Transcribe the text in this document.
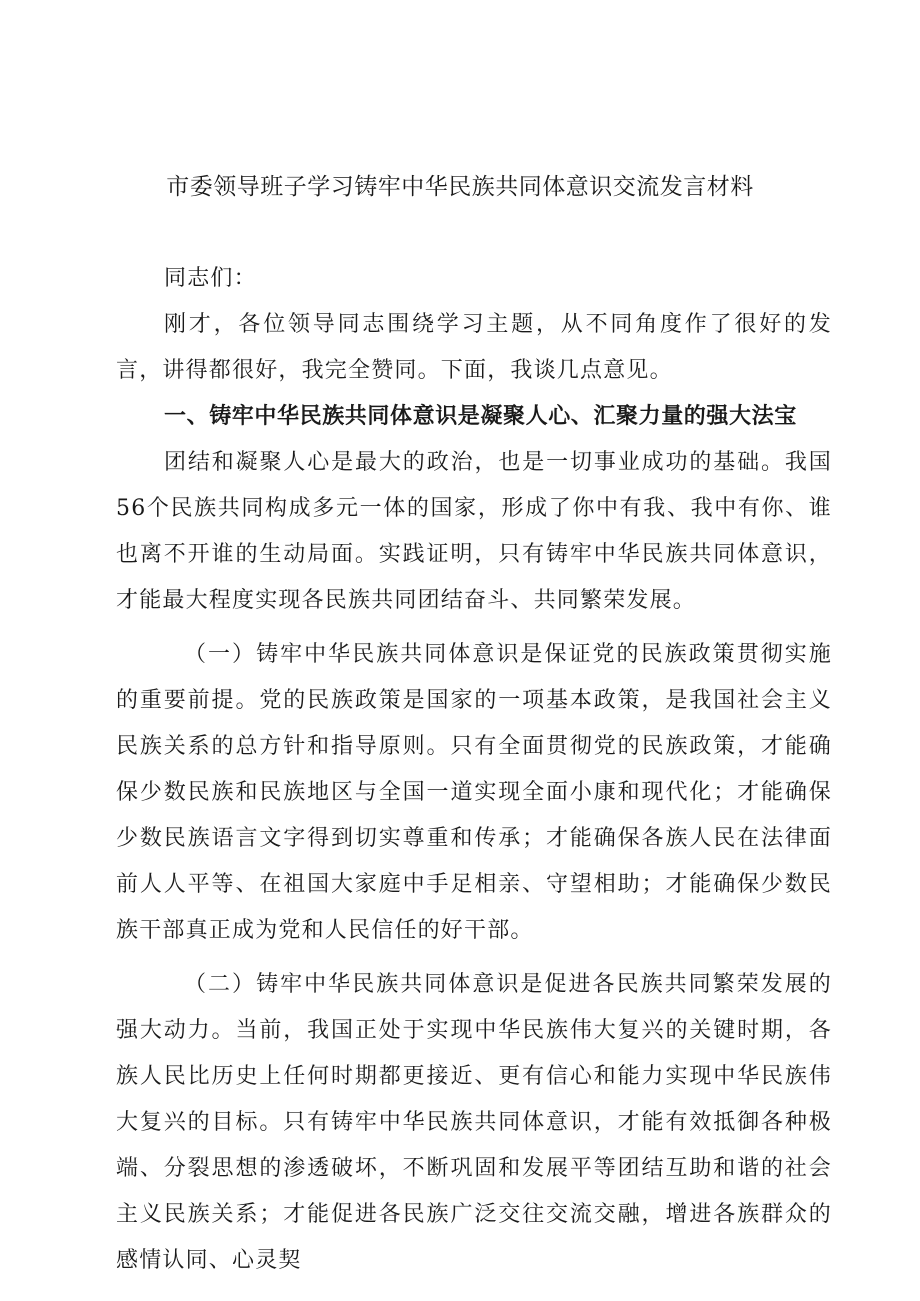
市委领导班子学习铸牢中华民族共同体意识交流发言材料

同志们：

刚才，各位领导同志围绕学习主题，从不同角度作了很好的发言，讲得都很好，我完全赞同。下面，我谈几点意见。

一、铸牢中华民族共同体意识是凝聚人心、汇聚力量的强大法宝

团结和凝聚人心是最大的政治，也是一切事业成功的基础。我国56个民族共同构成多元一体的国家，形成了你中有我、我中有你、谁也离不开谁的生动局面。实践证明，只有铸牢中华民族共同体意识，才能最大程度实现各民族共同团结奋斗、共同繁荣发展。

（一）铸牢中华民族共同体意识是保证党的民族政策贯彻实施的重要前提。党的民族政策是国家的一项基本政策，是我国社会主义民族关系的总方针和指导原则。只有全面贯彻党的民族政策，才能确保少数民族和民族地区与全国一道实现全面小康和现代化；才能确保少数民族语言文字得到切实尊重和传承；才能确保各族人民在法律面前人人平等、在祖国大家庭中手足相亲、守望相助；才能确保少数民族干部真正成为党和人民信任的好干部。

（二）铸牢中华民族共同体意识是促进各民族共同繁荣发展的强大动力。当前，我国正处于实现中华民族伟大复兴的关键时期，各族人民比历史上任何时期都更接近、更有信心和能力实现中华民族伟大复兴的目标。只有铸牢中华民族共同体意识，才能有效抵御各种极端、分裂思想的渗透破坏，不断巩固和发展平等团结互助和谐的社会主义民族关系；才能促进各民族广泛交往交流交融，增进各族群众的感情认同、心灵契
